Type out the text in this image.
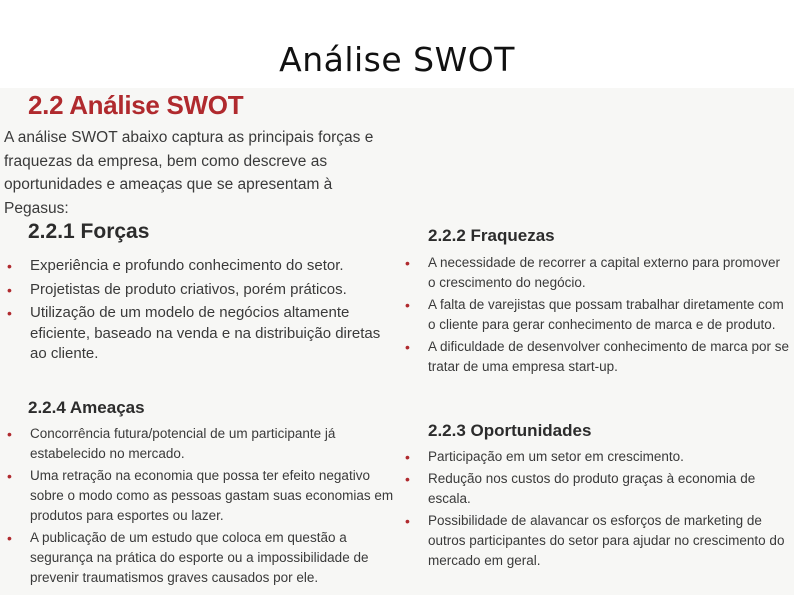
Análise SWOT
2.2 Análise SWOT
A análise SWOT abaixo captura as principais forças e fraquezas da empresa, bem como descreve as oportunidades e ameaças que se apresentam à Pegasus:
2.2.1 Forças
• Experiência e profundo conhecimento do setor.
• Projetistas de produto criativos, porém práticos.
• Utilização de um modelo de negócios altamente eficiente, baseado na venda e na distribuição diretas ao cliente.
2.2.4 Ameaças
• Concorrência futura/potencial de um participante já estabelecido no mercado.
• Uma retração na economia que possa ter efeito negativo sobre o modo como as pessoas gastam suas economias em produtos para esportes ou lazer.
• A publicação de um estudo que coloca em questão a segurança na prática do esporte ou a impossibilidade de prevenir traumatismos graves causados por ele.
2.2.2 Fraquezas
• A necessidade de recorrer a capital externo para promover o crescimento do negócio.
• A falta de varejistas que possam trabalhar diretamente com o cliente para gerar conhecimento de marca e de produto.
• A dificuldade de desenvolver conhecimento de marca por se tratar de uma empresa start-up.
2.2.3 Oportunidades
• Participação em um setor em crescimento.
• Redução nos custos do produto graças à economia de escala.
• Possibilidade de alavancar os esforços de marketing de outros participantes do setor para ajudar no crescimento do mercado em geral.
